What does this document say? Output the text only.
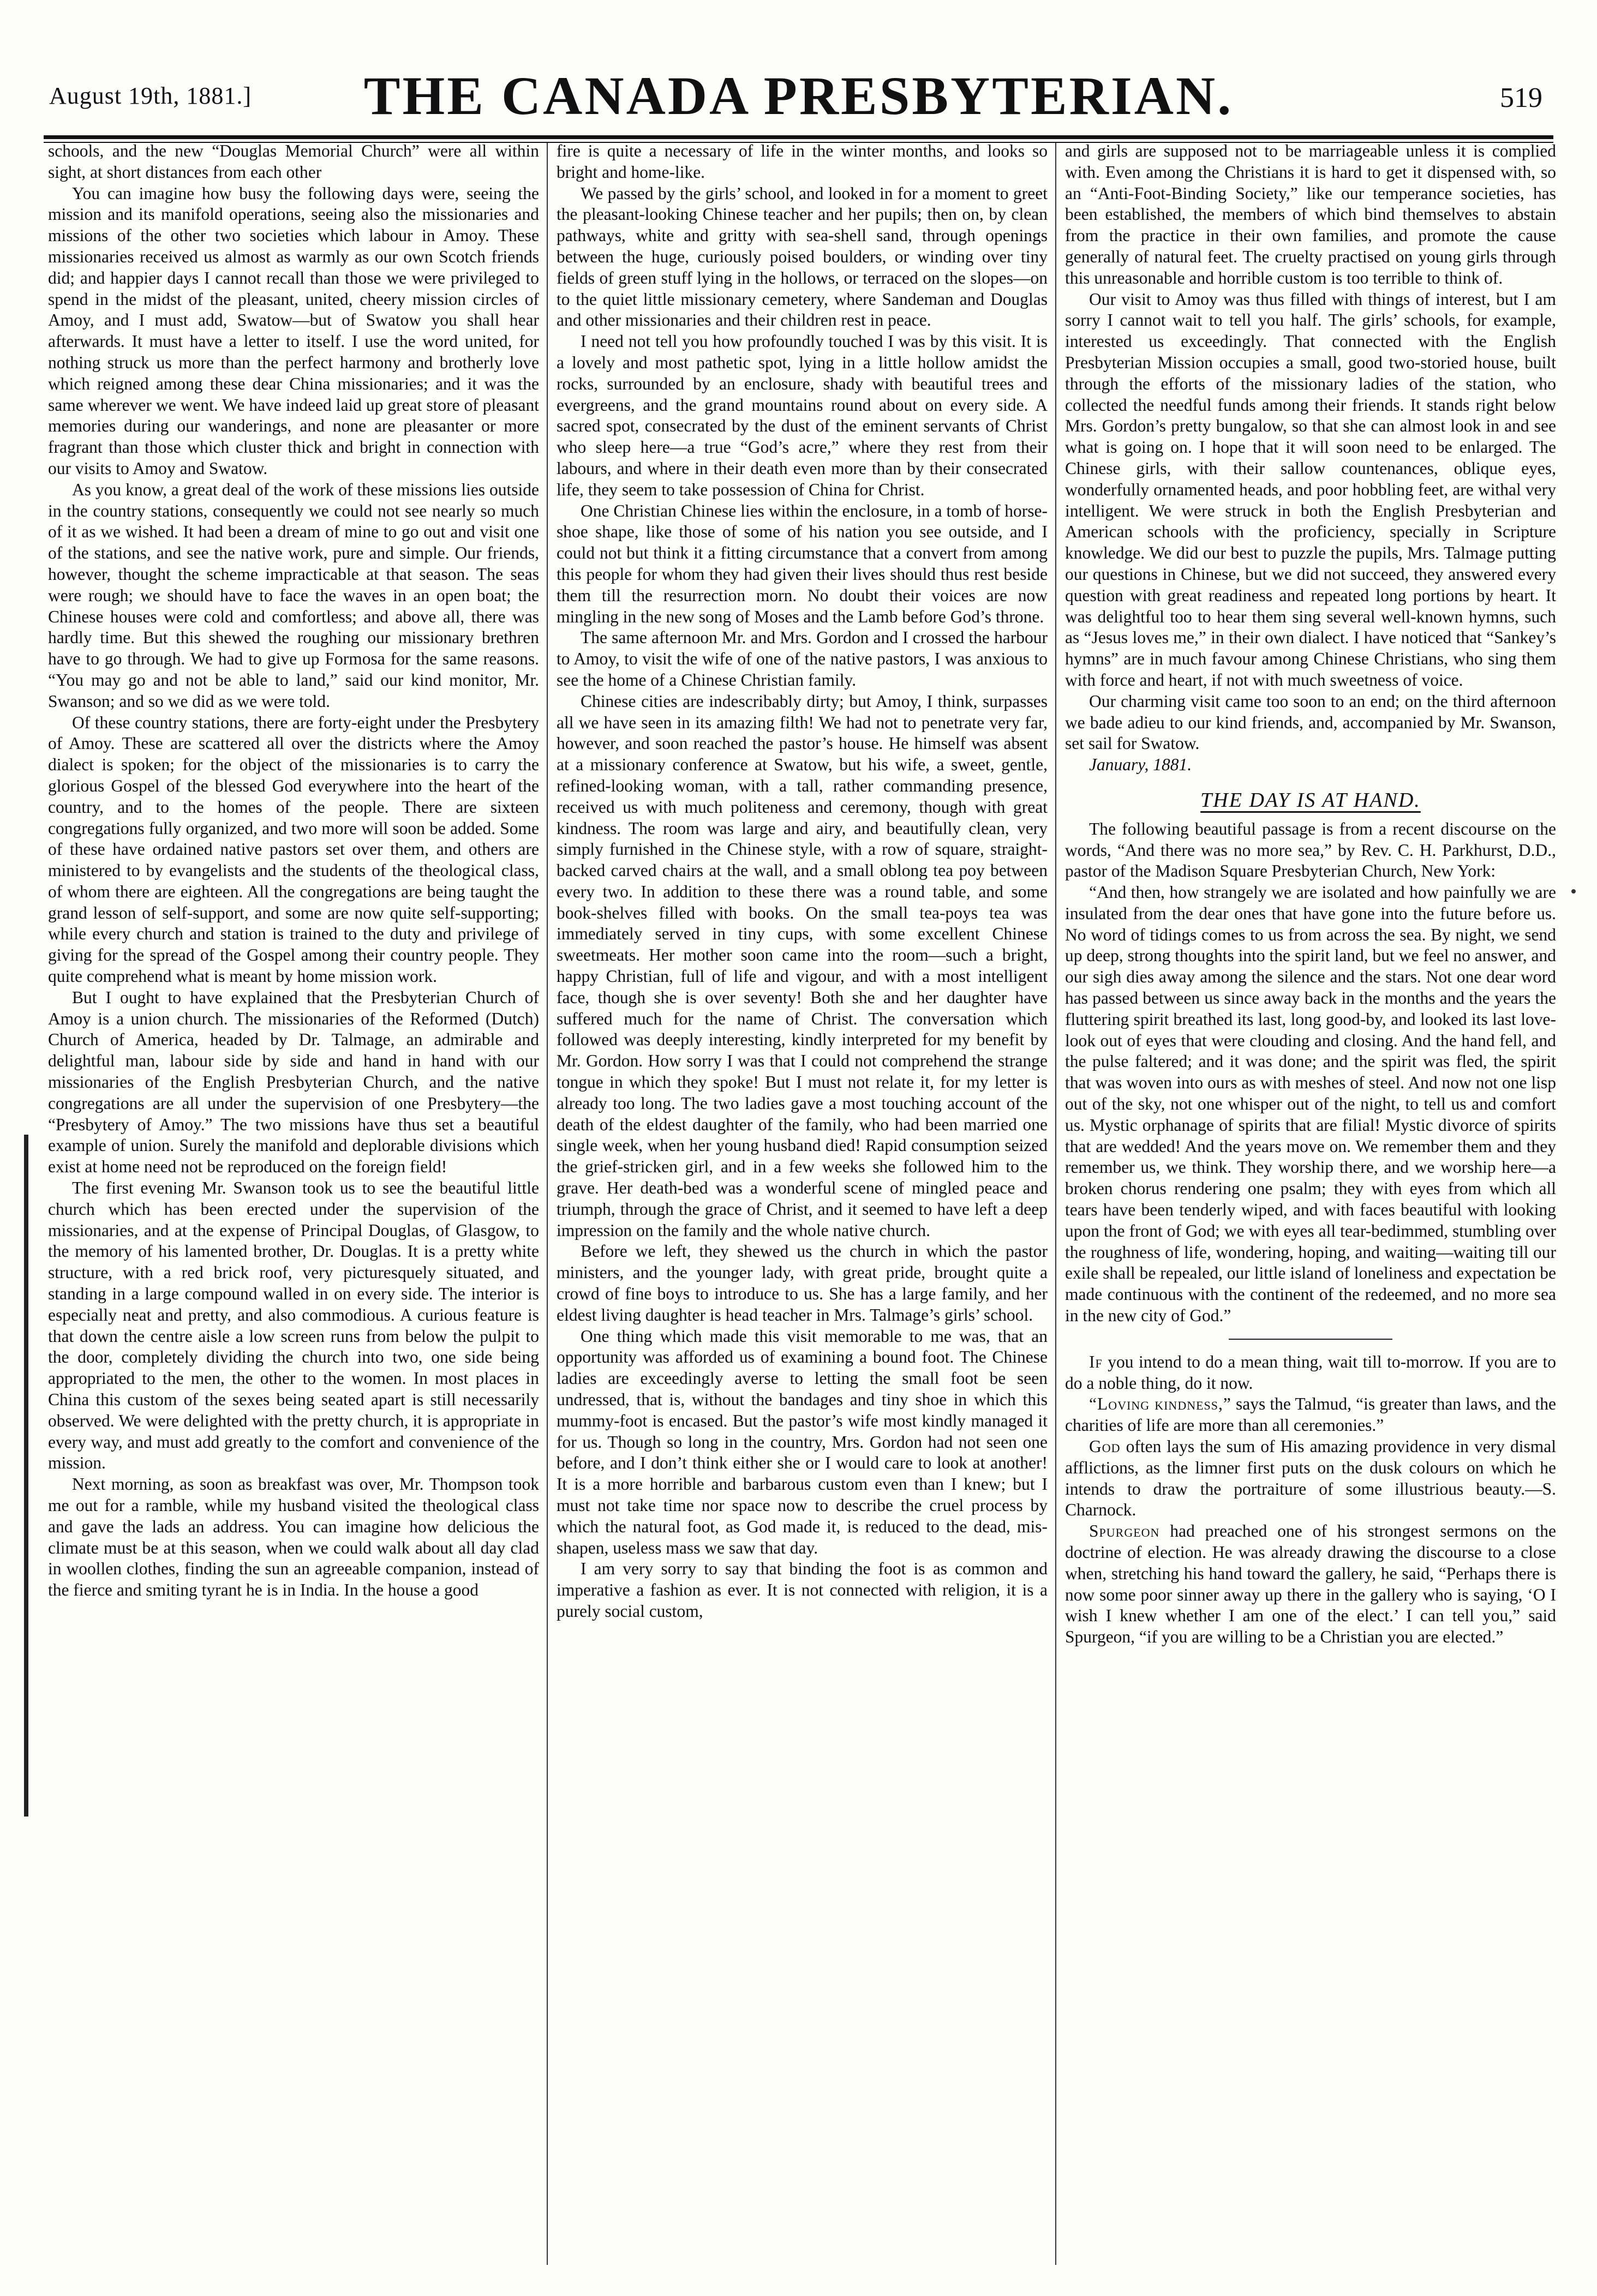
August 19th, 1881.]	THE CANADA PRESBYTERIAN.	519

schools, and the new “Douglas Memorial Church” were all within sight, at short distances from each other

You can imagine how busy the following days were, seeing the mission and its manifold operations, seeing also the missionaries and missions of the other two societies which labour in Amoy. These missionaries received us almost as warmly as our own Scotch friends did; and happier days I cannot recall than those we were privileged to spend in the midst of the pleasant, united, cheery mission circles of Amoy, and I must add, Swatow—but of Swatow you shall hear afterwards. It must have a letter to itself. I use the word united, for nothing struck us more than the perfect harmony and brotherly love which reigned among these dear China missionaries; and it was the same wherever we went. We have indeed laid up great store of pleasant memories during our wanderings, and none are pleasanter or more fragrant than those which cluster thick and bright in connection with our visits to Amoy and Swatow.

As you know, a great deal of the work of these missions lies outside in the country stations, consequently we could not see nearly so much of it as we wished. It had been a dream of mine to go out and visit one of the stations, and see the native work, pure and simple. Our friends, however, thought the scheme impracticable at that season. The seas were rough; we should have to face the waves in an open boat; the Chinese houses were cold and comfortless; and above all, there was hardly time. But this shewed the roughing our missionary brethren have to go through. We had to give up Formosa for the same reasons. “You may go and not be able to land,” said our kind monitor, Mr. Swanson; and so we did as we were told.

Of these country stations, there are forty-eight under the Presbytery of Amoy. These are scattered all over the districts where the Amoy dialect is spoken; for the object of the missionaries is to carry the glorious Gospel of the blessed God everywhere into the heart of the country, and to the homes of the people. There are sixteen congregations fully organized, and two more will soon be added. Some of these have ordained native pastors set over them, and others are ministered to by evangelists and the students of the theological class, of whom there are eighteen. All the congregations are being taught the grand lesson of self-support, and some are now quite self-supporting; while every church and station is trained to the duty and privilege of giving for the spread of the Gospel among their country people. They quite comprehend what is meant by home mission work.

But I ought to have explained that the Presbyterian Church of Amoy is a union church. The missionaries of the Reformed (Dutch) Church of America, headed by Dr. Talmage, an admirable and delightful man, labour side by side and hand in hand with our missionaries of the English Presbyterian Church, and the native congregations are all under the supervision of one Presbytery—the “Presbytery of Amoy.” The two missions have thus set a beautiful example of union. Surely the manifold and deplorable divisions which exist at home need not be reproduced on the foreign field!

The first evening Mr. Swanson took us to see the beautiful little church which has been erected under the supervision of the missionaries, and at the expense of Principal Douglas, of Glasgow, to the memory of his lamented brother, Dr. Douglas. It is a pretty white structure, with a red brick roof, very picturesquely situated, and standing in a large compound walled in on every side. The interior is especially neat and pretty, and also commodious. A curious feature is that down the centre aisle a low screen runs from below the pulpit to the door, completely dividing the church into two, one side being appropriated to the men, the other to the women. In most places in China this custom of the sexes being seated apart is still necessarily observed. We were delighted with the pretty church, it is appropriate in every way, and must add greatly to the comfort and convenience of the mission.

Next morning, as soon as breakfast was over, Mr. Thompson took me out for a ramble, while my husband visited the theological class and gave the lads an address. You can imagine how delicious the climate must be at this season, when we could walk about all day clad in woollen clothes, finding the sun an agreeable companion, instead of the fierce and smiting tyrant he is in India. In the house a good

fire is quite a necessary of life in the winter months, and looks so bright and home-like.

We passed by the girls’ school, and looked in for a moment to greet the pleasant-looking Chinese teacher and her pupils; then on, by clean pathways, white and gritty with sea-shell sand, through openings between the huge, curiously poised boulders, or winding over tiny fields of green stuff lying in the hollows, or terraced on the slopes—on to the quiet little missionary cemetery, where Sandeman and Douglas and other missionaries and their children rest in peace.

I need not tell you how profoundly touched I was by this visit. It is a lovely and most pathetic spot, lying in a little hollow amidst the rocks, surrounded by an enclosure, shady with beautiful trees and evergreens, and the grand mountains round about on every side. A sacred spot, consecrated by the dust of the eminent servants of Christ who sleep here—a true “God’s acre,” where they rest from their labours, and where in their death even more than by their consecrated life, they seem to take possession of China for Christ.

One Christian Chinese lies within the enclosure, in a tomb of horse-shoe shape, like those of some of his nation you see outside, and I could not but think it a fitting circumstance that a convert from among this people for whom they had given their lives should thus rest beside them till the resurrection morn. No doubt their voices are now mingling in the new song of Moses and the Lamb before God’s throne.

The same afternoon Mr. and Mrs. Gordon and I crossed the harbour to Amoy, to visit the wife of one of the native pastors, I was anxious to see the home of a Chinese Christian family.

Chinese cities are indescribably dirty; but Amoy, I think, surpasses all we have seen in its amazing filth! We had not to penetrate very far, however, and soon reached the pastor’s house. He himself was absent at a missionary conference at Swatow, but his wife, a sweet, gentle, refined-looking woman, with a tall, rather commanding presence, received us with much politeness and ceremony, though with great kindness. The room was large and airy, and beautifully clean, very simply furnished in the Chinese style, with a row of square, straight-backed carved chairs at the wall, and a small oblong tea poy between every two. In addition to these there was a round table, and some book-shelves filled with books. On the small tea-poys tea was immediately served in tiny cups, with some excellent Chinese sweetmeats. Her mother soon came into the room—such a bright, happy Christian, full of life and vigour, and with a most intelligent face, though she is over seventy! Both she and her daughter have suffered much for the name of Christ. The conversation which followed was deeply interesting, kindly interpreted for my benefit by Mr. Gordon. How sorry I was that I could not comprehend the strange tongue in which they spoke! But I must not relate it, for my letter is already too long. The two ladies gave a most touching account of the death of the eldest daughter of the family, who had been married one single week, when her young husband died! Rapid consumption seized the grief-stricken girl, and in a few weeks she followed him to the grave. Her death-bed was a wonderful scene of mingled peace and triumph, through the grace of Christ, and it seemed to have left a deep impression on the family and the whole native church.

Before we left, they shewed us the church in which the pastor ministers, and the younger lady, with great pride, brought quite a crowd of fine boys to introduce to us. She has a large family, and her eldest living daughter is head teacher in Mrs. Talmage’s girls’ school.

One thing which made this visit memorable to me was, that an opportunity was afforded us of examining a bound foot. The Chinese ladies are exceedingly averse to letting the small foot be seen undressed, that is, without the bandages and tiny shoe in which this mummy-foot is encased. But the pastor’s wife most kindly managed it for us. Though so long in the country, Mrs. Gordon had not seen one before, and I don’t think either she or I would care to look at another! It is a more horrible and barbarous custom even than I knew; but I must not take time nor space now to describe the cruel process by which the natural foot, as God made it, is reduced to the dead, mis-shapen, useless mass we saw that day.

I am very sorry to say that binding the foot is as common and imperative a fashion as ever. It is not connected with religion, it is a purely social custom,

and girls are supposed not to be marriageable unless it is complied with. Even among the Christians it is hard to get it dispensed with, so an “Anti-Foot-Binding Society,” like our temperance societies, has been established, the members of which bind themselves to abstain from the practice in their own families, and promote the cause generally of natural feet. The cruelty practised on young girls through this unreasonable and horrible custom is too terrible to think of.

Our visit to Amoy was thus filled with things of interest, but I am sorry I cannot wait to tell you half. The girls’ schools, for example, interested us exceedingly. That connected with the English Presbyterian Mission occupies a small, good two-storied house, built through the efforts of the missionary ladies of the station, who collected the needful funds among their friends. It stands right below Mrs. Gordon’s pretty bungalow, so that she can almost look in and see what is going on. I hope that it will soon need to be enlarged. The Chinese girls, with their sallow countenances, oblique eyes, wonderfully ornamented heads, and poor hobbling feet, are withal very intelligent. We were struck in both the English Presbyterian and American schools with the proficiency, specially in Scripture knowledge. We did our best to puzzle the pupils, Mrs. Talmage putting our questions in Chinese, but we did not succeed, they answered every question with great readiness and repeated long portions by heart. It was delightful too to hear them sing several well-known hymns, such as “Jesus loves me,” in their own dialect. I have noticed that “Sankey’s hymns” are in much favour among Chinese Christians, who sing them with force and heart, if not with much sweetness of voice.

Our charming visit came too soon to an end; on the third afternoon we bade adieu to our kind friends, and, accompanied by Mr. Swanson, set sail for Swatow.

January, 1881.

THE DAY IS AT HAND.

The following beautiful passage is from a recent discourse on the words, “And there was no more sea,” by Rev. C. H. Parkhurst, D.D., pastor of the Madison Square Presbyterian Church, New York:

“And then, how strangely we are isolated and how painfully we are insulated from the dear ones that have gone into the future before us. No word of tidings comes to us from across the sea. By night, we send up deep, strong thoughts into the spirit land, but we feel no answer, and our sigh dies away among the silence and the stars. Not one dear word has passed between us since away back in the months and the years the fluttering spirit breathed its last, long good-by, and looked its last love-look out of eyes that were clouding and closing. And the hand fell, and the pulse faltered; and it was done; and the spirit was fled, the spirit that was woven into ours as with meshes of steel. And now not one lisp out of the sky, not one whisper out of the night, to tell us and comfort us. Mystic orphanage of spirits that are filial! Mystic divorce of spirits that are wedded! And the years move on. We remember them and they remember us, we think. They worship there, and we worship here—a broken chorus rendering one psalm; they with eyes from which all tears have been tenderly wiped, and with faces beautiful with looking upon the front of God; we with eyes all tear-bedimmed, stumbling over the roughness of life, wondering, hoping, and waiting—waiting till our exile shall be repealed, our little island of loneliness and expectation be made continuous with the continent of the redeemed, and no more sea in the new city of God.”

If you intend to do a mean thing, wait till to-morrow. If you are to do a noble thing, do it now.

“Loving kindness,” says the Talmud, “is greater than laws, and the charities of life are more than all ceremonies.”

God often lays the sum of His amazing providence in very dismal afflictions, as the limner first puts on the dusk colours on which he intends to draw the portraiture of some illustrious beauty.—S. Charnock.

Spurgeon had preached one of his strongest sermons on the doctrine of election. He was already drawing the discourse to a close when, stretching his hand toward the gallery, he said, “Perhaps there is now some poor sinner away up there in the gallery who is saying, ‘O I wish I knew whether I am one of the elect.’ I can tell you,” said Spurgeon, “if you are willing to be a Christian you are elected.”
